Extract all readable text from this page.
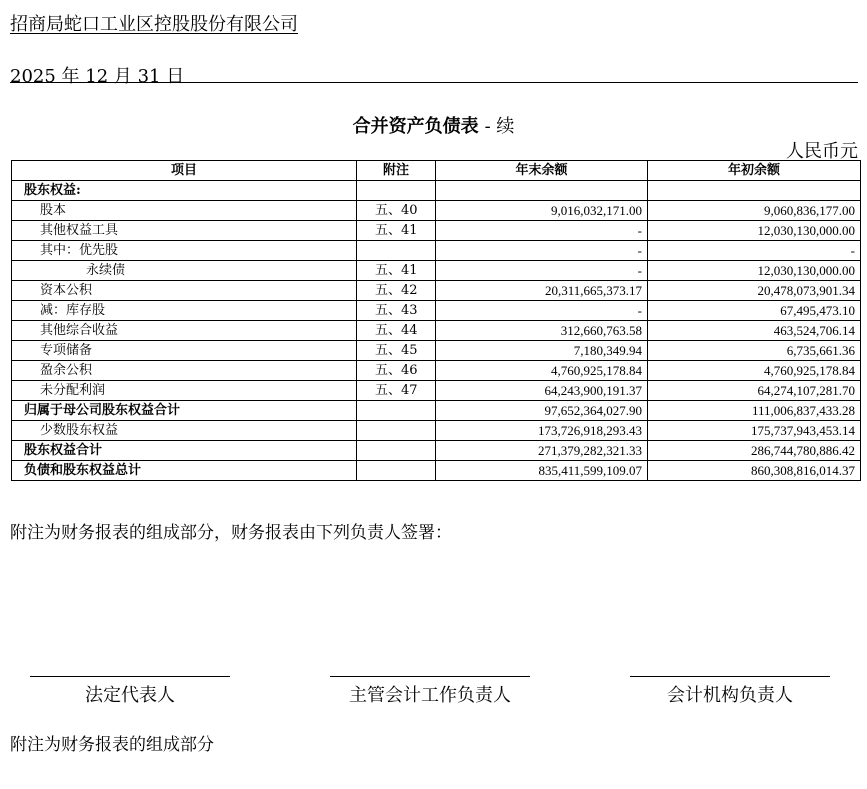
招商局蛇口工业区控股股份有限公司
2025 年 12 月 31 日
合并资产负债表 - 续
人民币元
项目	附注	年末余额	年初余额
股东权益:			
股本	五、40	9,016,032,171.00	9,060,836,177.00
其他权益工具	五、41	-	12,030,130,000.00
其中：优先股		-	-
永续债	五、41	-	12,030,130,000.00
资本公积	五、42	20,311,665,373.17	20,478,073,901.34
减：库存股	五、43	-	67,495,473.10
其他综合收益	五、44	312,660,763.58	463,524,706.14
专项储备	五、45	7,180,349.94	6,735,661.36
盈余公积	五、46	4,760,925,178.84	4,760,925,178.84
未分配利润	五、47	64,243,900,191.37	64,274,107,281.70
归属于母公司股东权益合计		97,652,364,027.90	111,006,837,433.28
少数股东权益		173,726,918,293.43	175,737,943,453.14
股东权益合计		271,379,282,321.33	286,744,780,886.42
负债和股东权益总计		835,411,599,109.07	860,308,816,014.37
附注为财务报表的组成部分，财务报表由下列负责人签署：
法定代表人	主管会计工作负责人	会计机构负责人
附注为财务报表的组成部分
